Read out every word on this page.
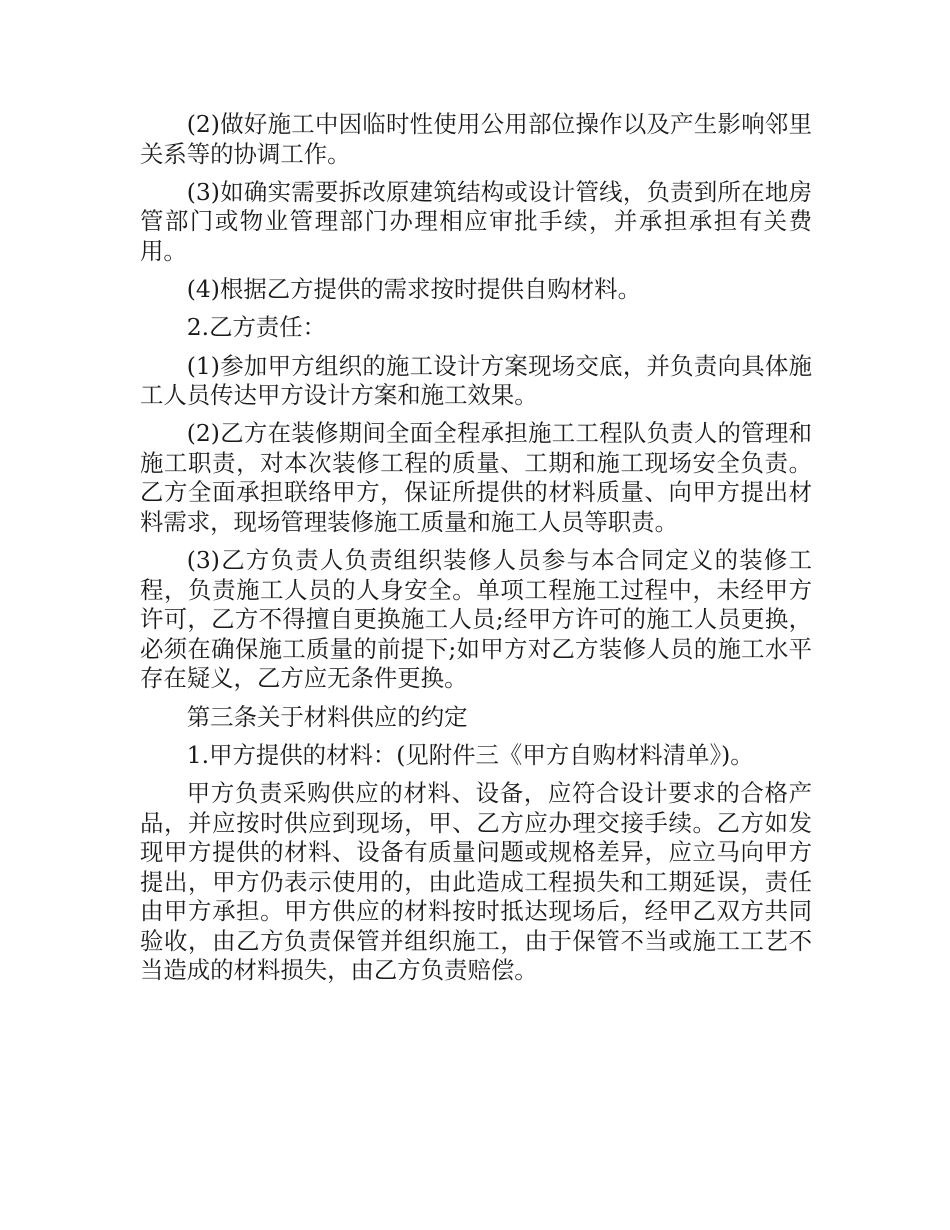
(2)做好施工中因临时性使用公用部位操作以及产生影响邻里关系等的协调工作。

(3)如确实需要拆改原建筑结构或设计管线，负责到所在地房管部门或物业管理部门办理相应审批手续，并承担承担有关费用。

(4)根据乙方提供的需求按时提供自购材料。

2.乙方责任：

(1)参加甲方组织的施工设计方案现场交底，并负责向具体施工人员传达甲方设计方案和施工效果。

(2)乙方在装修期间全面全程承担施工工程队负责人的管理和施工职责，对本次装修工程的质量、工期和施工现场安全负责。乙方全面承担联络甲方，保证所提供的材料质量、向甲方提出材料需求，现场管理装修施工质量和施工人员等职责。

(3)乙方负责人负责组织装修人员参与本合同定义的装修工程，负责施工人员的人身安全。单项工程施工过程中，未经甲方许可，乙方不得擅自更换施工人员;经甲方许可的施工人员更换，必须在确保施工质量的前提下;如甲方对乙方装修人员的施工水平存在疑义，乙方应无条件更换。

第三条关于材料供应的约定

1.甲方提供的材料：(见附件三《甲方自购材料清单》)。

甲方负责采购供应的材料、设备，应符合设计要求的合格产品，并应按时供应到现场，甲、乙方应办理交接手续。乙方如发现甲方提供的材料、设备有质量问题或规格差异，应立马向甲方提出，甲方仍表示使用的，由此造成工程损失和工期延误，责任由甲方承担。甲方供应的材料按时抵达现场后，经甲乙双方共同验收，由乙方负责保管并组织施工，由于保管不当或施工工艺不当造成的材料损失，由乙方负责赔偿。
